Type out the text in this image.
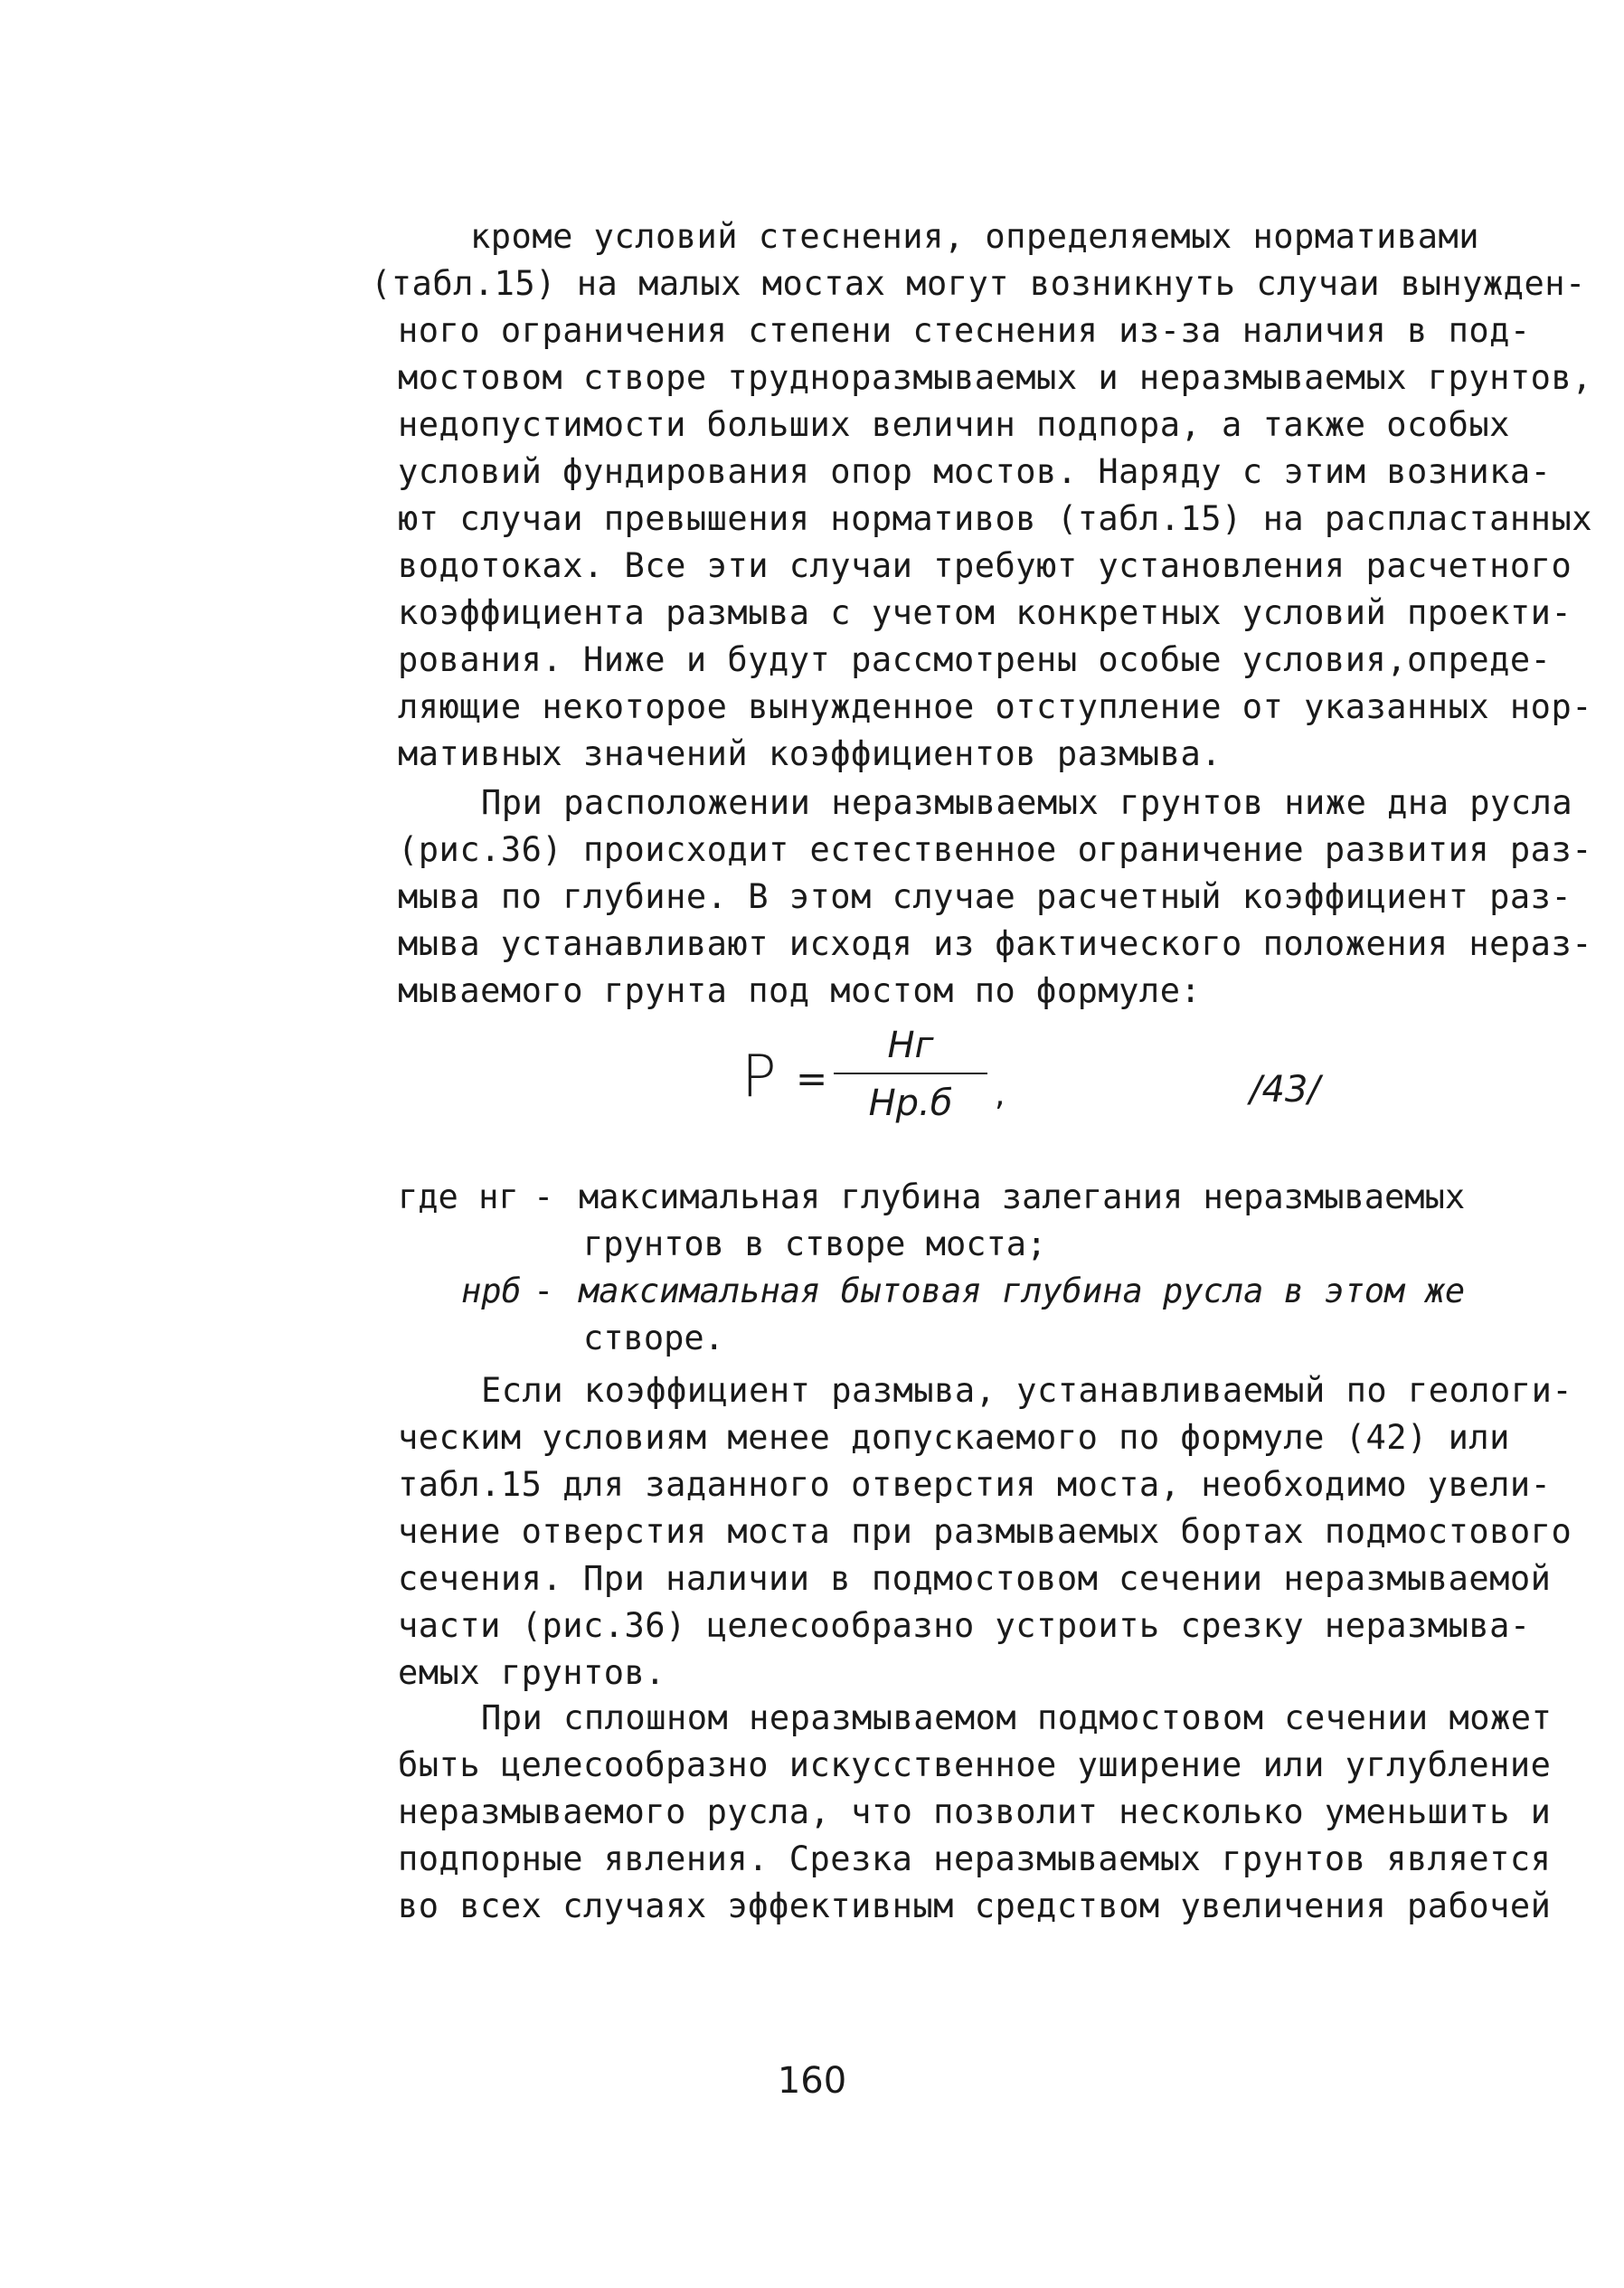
кроме условий стеснения, определяемых нормативами
(табл.15) на малых мостах могут возникнуть случаи вынужден-
ного ограничения степени стеснения из-за наличия в под-
мостовом створе трудноразмываемых и неразмываемых грунтов,
недопустимости больших величин подпора, а также особых
условий фундирования опор мостов. Наряду с этим возника-
ют случаи превышения нормативов (табл.15) на распластанных
водотоках. Все эти случаи требуют установления расчетного
коэффициента размыва с учетом конкретных условий проекти-
рования. Ниже и будут рассмотрены особые условия,опреде-
ляющие некоторое вынужденное отступление от указанных нор-
мативных значений коэффициентов размыва.
При расположении неразмываемых грунтов ниже дна русла
(рис.36) происходит естественное ограничение развития раз-
мыва по глубине. В этом случае расчетный коэффициент раз-
мыва устанавливают исходя из фактического положения нераз-
мываемого грунта под мостом по формуле:
P =
Hг
Hр.б	,	/43/
где нг - максимальная глубина залегания неразмываемых
грунтов в створе моста;
нрб - максимальная бытовая глубина русла в этом же
створе.
Если коэффициент размыва, устанавливаемый по геологи-
ческим условиям менее допускаемого по формуле (42) или
табл.15 для заданного отверстия моста, необходимо увели-
чение отверстия моста при размываемых бортах подмостового
сечения. При наличии в подмостовом сечении неразмываемой
части (рис.36) целесообразно устроить срезку неразмыва-
емых грунтов.
При сплошном неразмываемом подмостовом сечении может
быть целесообразно искусственное уширение или углубление
неразмываемого русла, что позволит несколько уменьшить и
подпорные явления. Срезка неразмываемых грунтов является
во всех случаях эффективным средством увеличения рабочей
160
